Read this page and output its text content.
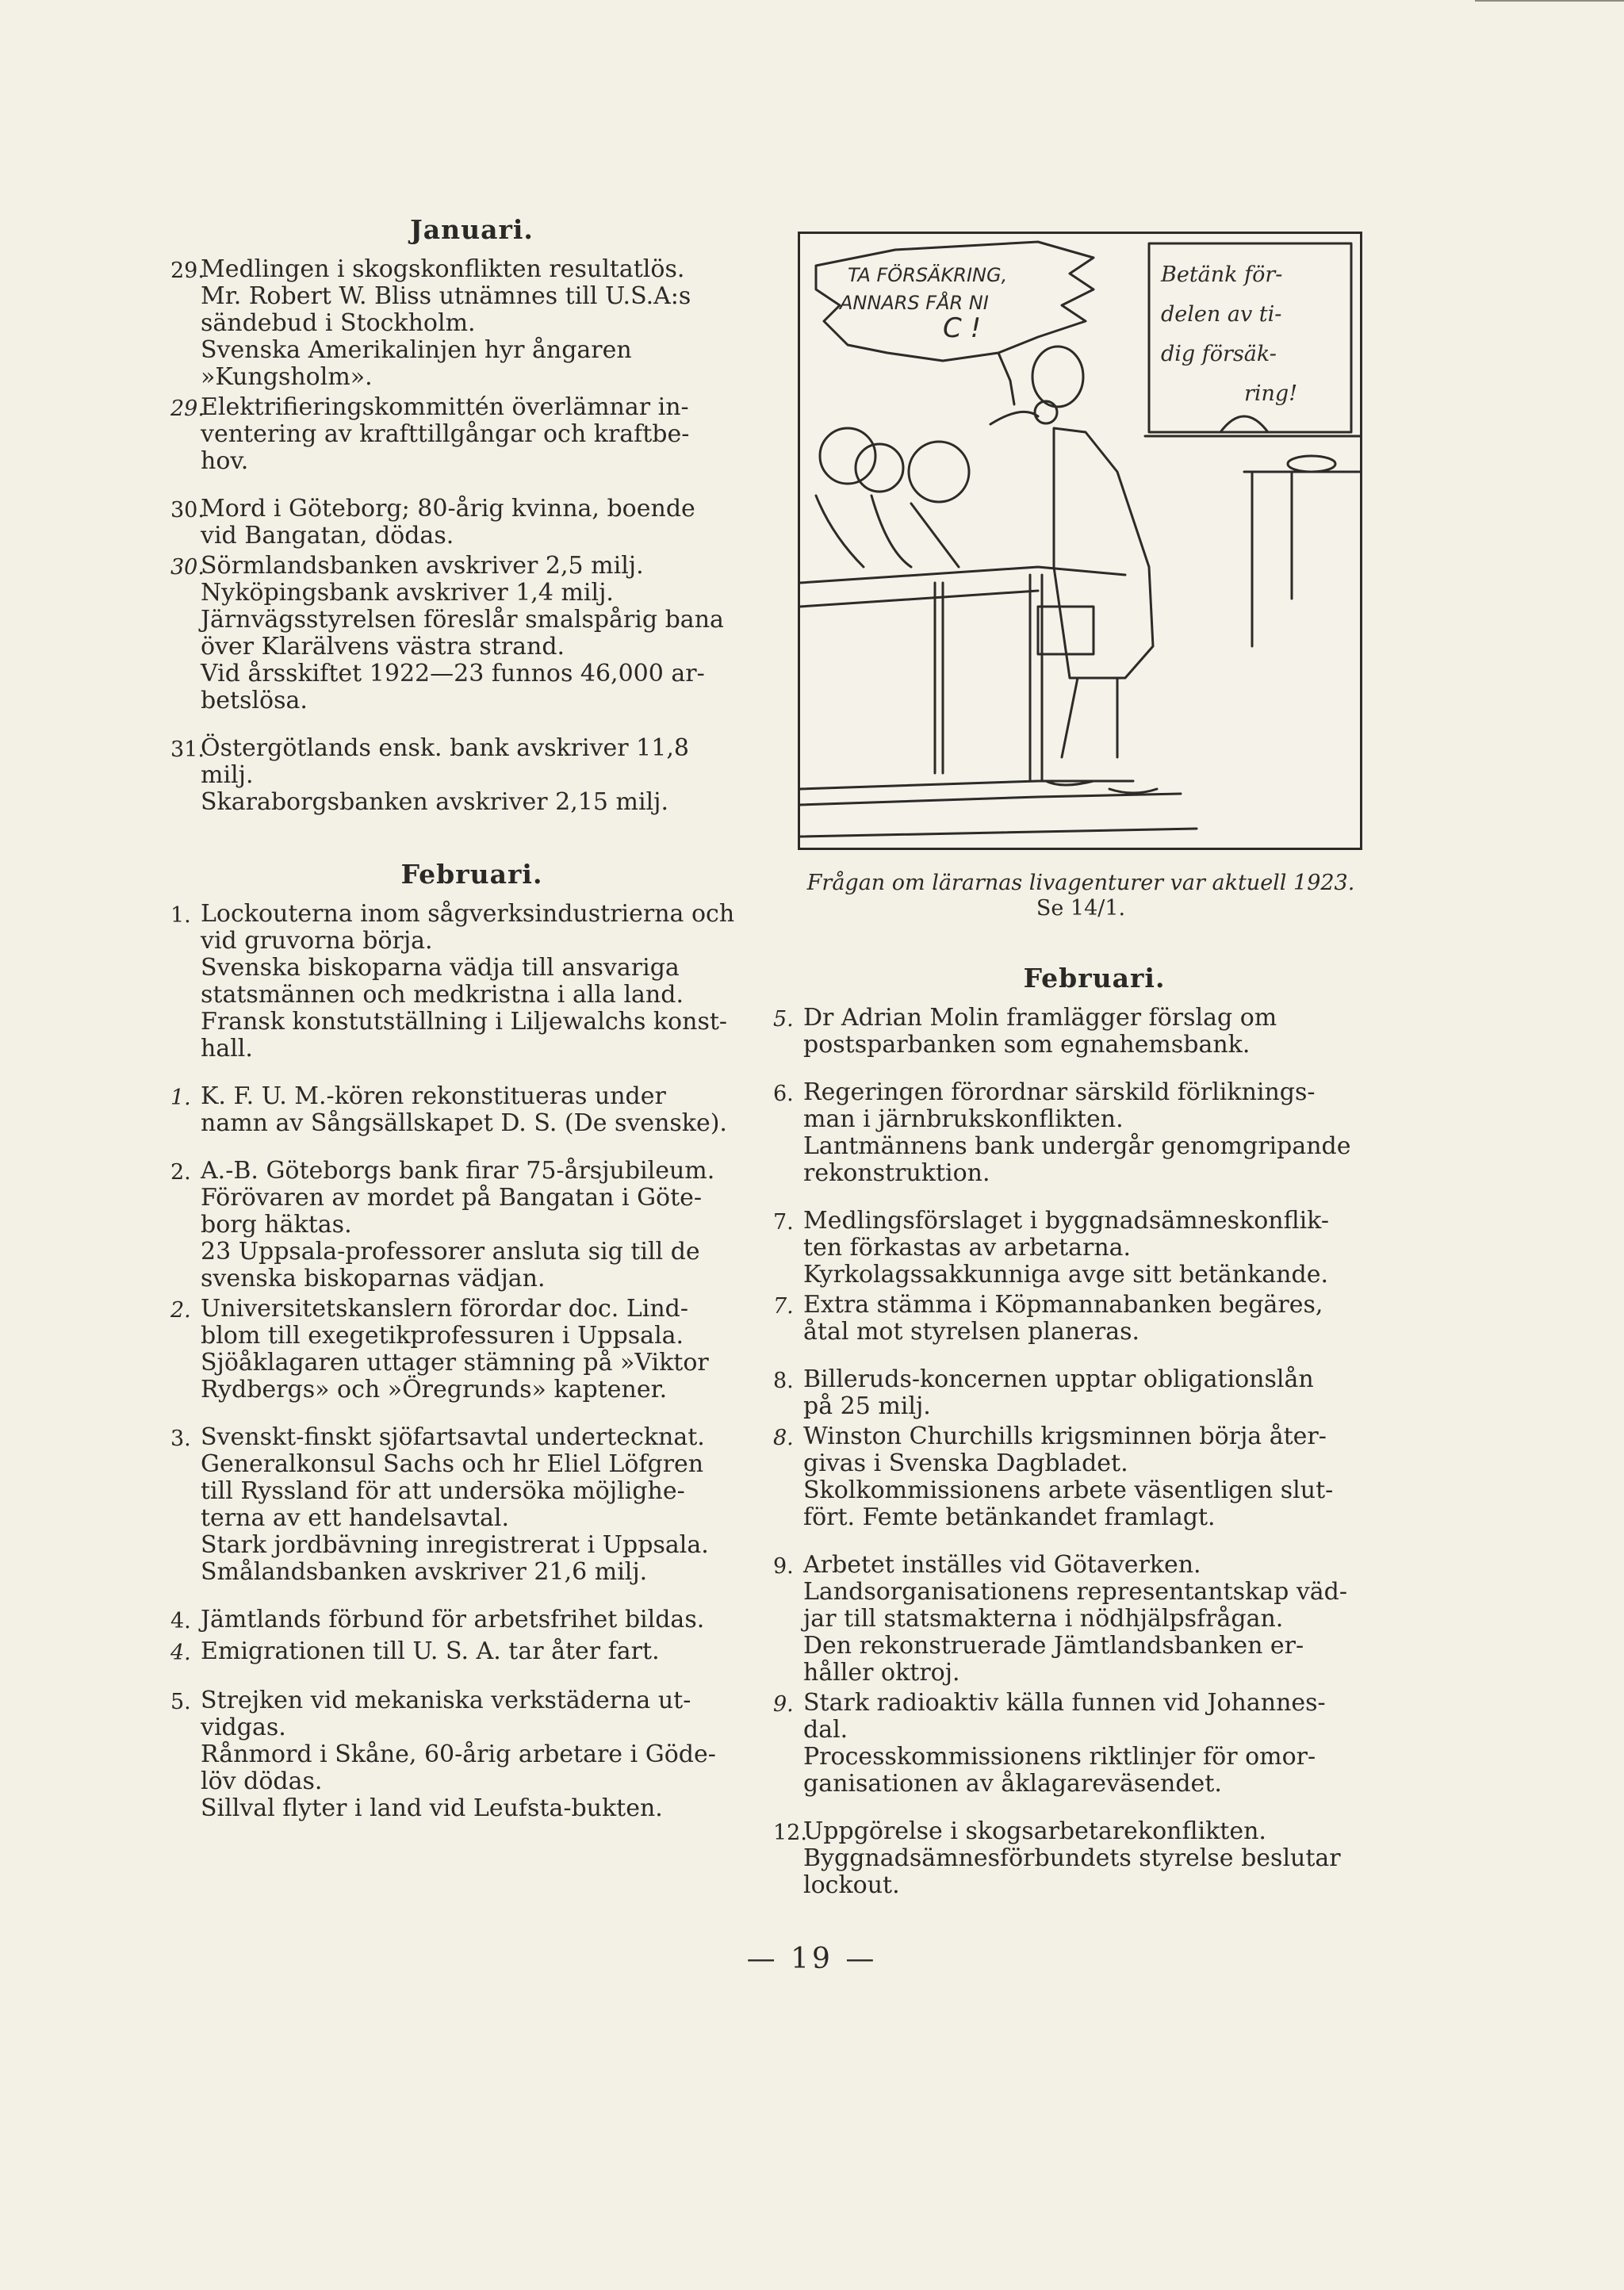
Januari.
29.
Medlingen i skogskonflikten resultatlös.
Mr. Robert W. Bliss utnämnes till U.S.A:s
sändebud i Stockholm.
Svenska Amerikalinjen hyr ångaren
»Kungsholm».
29.
Elektrifieringskommittén överlämnar in-
ventering av krafttillgångar och kraftbe-
hov.
30.
Mord i Göteborg; 80-årig kvinna, boende
vid Bangatan, dödas.
30.
Sörmlandsbanken avskriver 2,5 milj.
Nyköpingsbank avskriver 1,4 milj.
Järnvägsstyrelsen föreslår smalspårig bana
över Klarälvens västra strand.
Vid årsskiftet 1922—23 funnos 46,000 ar-
betslösa.
31.
Östergötlands ensk. bank avskriver 11,8
milj.
Skaraborgsbanken avskriver 2,15 milj.
Februari.
1. Lockouterna inom sågverksindustrierna och
vid gruvorna börja.
Svenska biskoparna vädja till ansvariga
statsmännen och medkristna i alla land.
Fransk konstutställning i Liljewalchs konst-
hall.
1. K. F. U. M.-kören rekonstitueras under
namn av Sångsällskapet D. S. (De svenske).
2. A.-B. Göteborgs bank firar 75-årsjubileum.
Förövaren av mordet på Bangatan i Göte-
borg häktas.
23 Uppsala-professorer ansluta sig till de
svenska biskoparnas vädjan.
2. Universitetskanslern förordar doc. Lind-
blom till exegetikprofessuren i Uppsala.
Sjöåklagaren uttager stämning på »Viktor
Rydbergs» och »Öregrunds» kaptener.
3. Svenskt-finskt sjöfartsavtal undertecknat.
Generalkonsul Sachs och hr Eliel Löfgren
till Ryssland för att undersöka möjlighe-
terna av ett handelsavtal.
Stark jordbävning inregistrerat i Uppsala.
Smålandsbanken avskriver 21,6 milj.
4. Jämtlands förbund för arbetsfrihet bildas.
4. Emigrationen till U. S. A. tar åter fart.
5. Strejken vid mekaniska verkstäderna ut-
vidgas.
Rånmord i Skåne, 60-årig arbetare i Göde-
löv dödas.
Sillval flyter i land vid Leufsta-bukten.
TA FÖRSÄKRING,
ANNARS FÅR NI
C !
Betänk för-
delen av ti-
dig försäk-
ring!
Frågan om lärarnas livagenturer var aktuell 1923.
Se 14/1.
Februari.
5. Dr Adrian Molin framlägger förslag om
postsparbanken som egnahemsbank.
6. Regeringen förordnar särskild förliknings-
man i järnbrukskonflikten.
Lantmännens bank undergår genomgripande
rekonstruktion.
7. Medlingsförslaget i byggnadsämneskonflik-
ten förkastas av arbetarna.
Kyrkolagssakkunniga avge sitt betänkande.
7. Extra stämma i Köpmannabanken begäres,
åtal mot styrelsen planeras.
8. Billeruds-koncernen upptar obligationslån
på 25 milj.
8. Winston Churchills krigsminnen börja åter-
givas i Svenska Dagbladet.
Skolkommissionens arbete väsentligen slut-
fört. Femte betänkandet framlagt.
9. Arbetet inställes vid Götaverken.
Landsorganisationens representantskap väd-
jar till statsmakterna i nödhjälpsfrågan.
Den rekonstruerade Jämtlandsbanken er-
håller oktroj.
9. Stark radioaktiv källa funnen vid Johannes-
dal.
Processkommissionens riktlinjer för omor-
ganisationen av åklagareväsendet.
12.
Uppgörelse i skogsarbetarekonflikten.
Byggnadsämnesförbundets styrelse beslutar
lockout.
— 19 —
